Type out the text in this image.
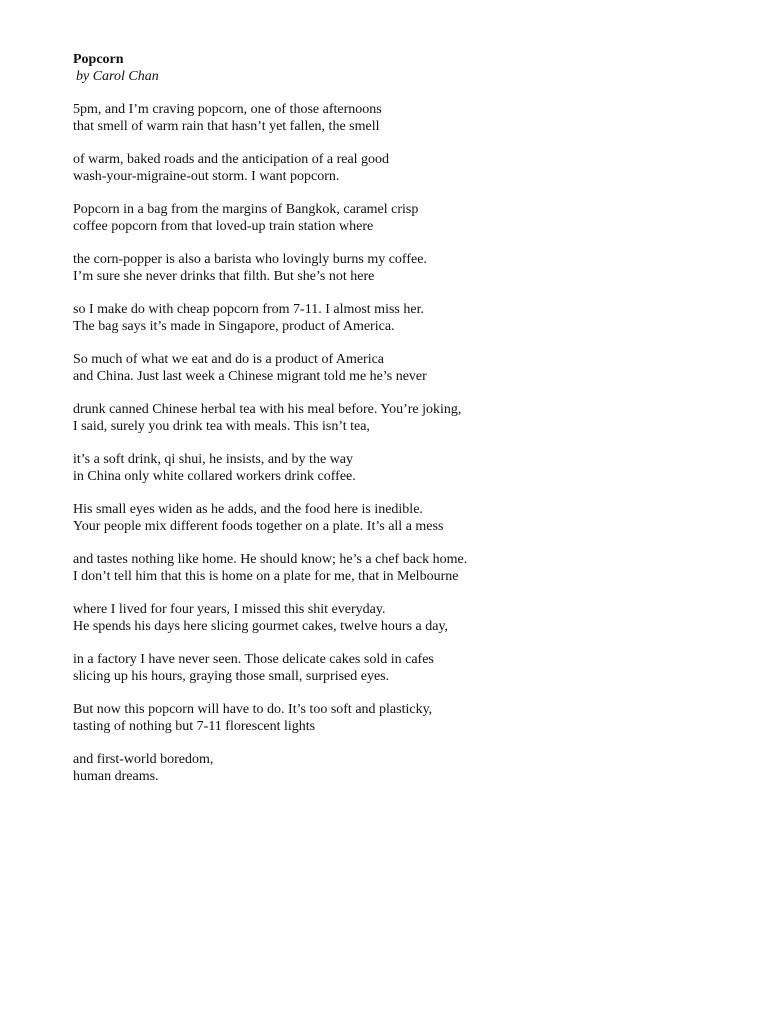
Popcorn
by Carol Chan
5pm, and I’m craving popcorn, one of those afternoons
that smell of warm rain that hasn’t yet fallen, the smell
of warm, baked roads and the anticipation of a real good
wash-your-migraine-out storm. I want popcorn.
Popcorn in a bag from the margins of Bangkok, caramel crisp
coffee popcorn from that loved-up train station where
the corn-popper is also a barista who lovingly burns my coffee.
I’m sure she never drinks that filth. But she’s not here
so I make do with cheap popcorn from 7-11. I almost miss her.
The bag says it’s made in Singapore, product of America.
So much of what we eat and do is a product of America
and China. Just last week a Chinese migrant told me he’s never
drunk canned Chinese herbal tea with his meal before. You’re joking,
I said, surely you drink tea with meals. This isn’t tea,
it’s a soft drink, qi shui, he insists, and by the way
in China only white collared workers drink coffee.
His small eyes widen as he adds, and the food here is inedible.
Your people mix different foods together on a plate. It’s all a mess
and tastes nothing like home. He should know; he’s a chef back home.
I don’t tell him that this is home on a plate for me, that in Melbourne
where I lived for four years, I missed this shit everyday.
He spends his days here slicing gourmet cakes, twelve hours a day,
in a factory I have never seen. Those delicate cakes sold in cafes
slicing up his hours, graying those small, surprised eyes.
But now this popcorn will have to do. It’s too soft and plasticky,
tasting of nothing but 7-11 florescent lights
and first-world boredom,
human dreams.
